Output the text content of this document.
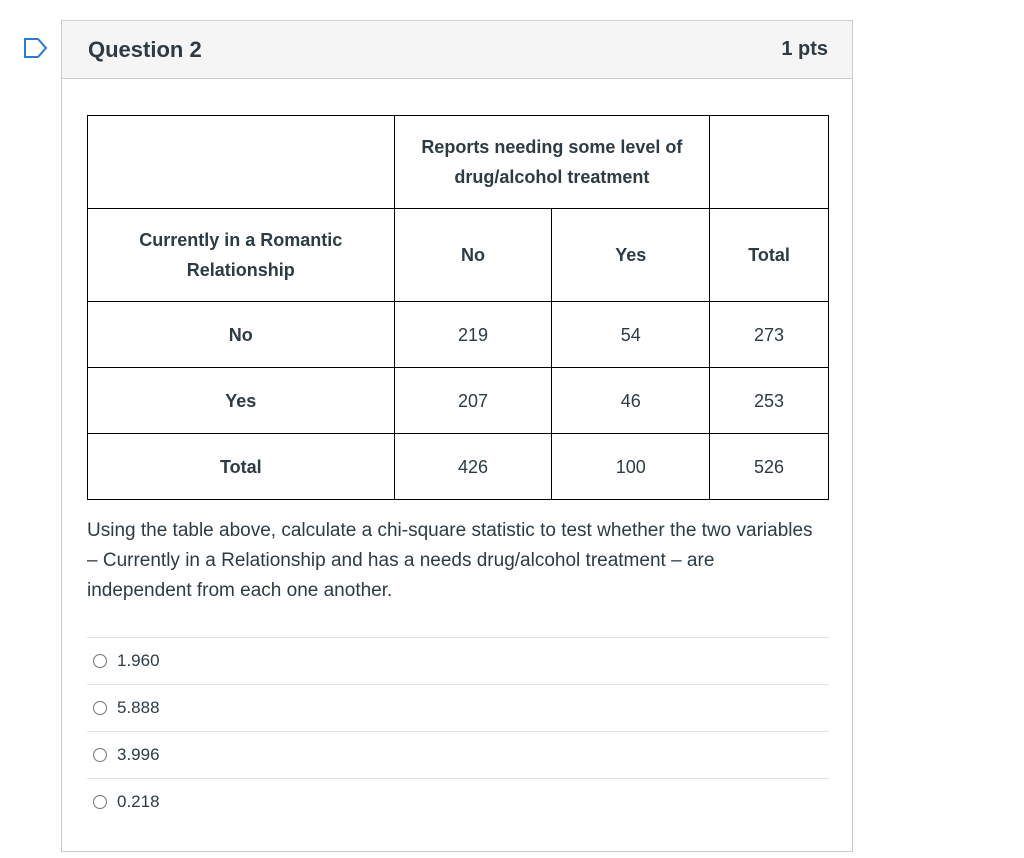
Question 2	1 pts
	Reports needing some level of drug/alcohol treatment		
Currently in a Romantic Relationship	No	Yes	Total
No	219	54	273
Yes	207	46	253
Total	426	100	526
Using the table above, calculate a chi-square statistic to test whether the two variables – Currently in a Relationship and has a needs drug/alcohol treatment – are independent from each one another.
1.960
5.888
3.996
0.218
